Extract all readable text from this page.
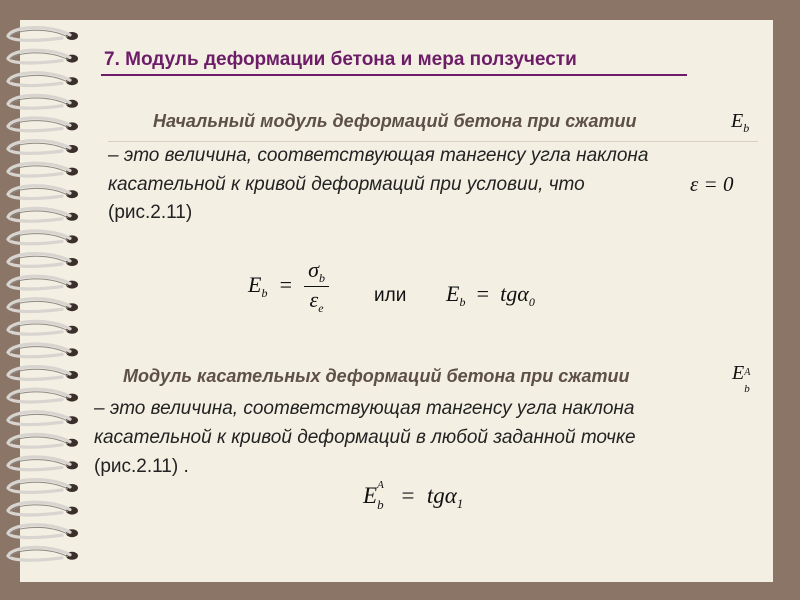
7. Модуль деформации бетона и мера ползучести
Начальный модуль деформаций бетона при сжатии	$E_b$
– это величина, соответствующая тангенсу угла наклона
касательной к кривой деформаций при условии, что	ε = 0
(рис.2.11)
$E_b = \frac{\sigma_b}{\varepsilon_e}$ или $E_b = tg\alpha_0$
Модуль касательных деформаций бетона при сжатии	E A
b
– это величина, соответствующая тангенсу угла наклона
касательной к кривой деформаций в любой заданной точке
(рис.2.11) .
E A
b = tgα$_1$
